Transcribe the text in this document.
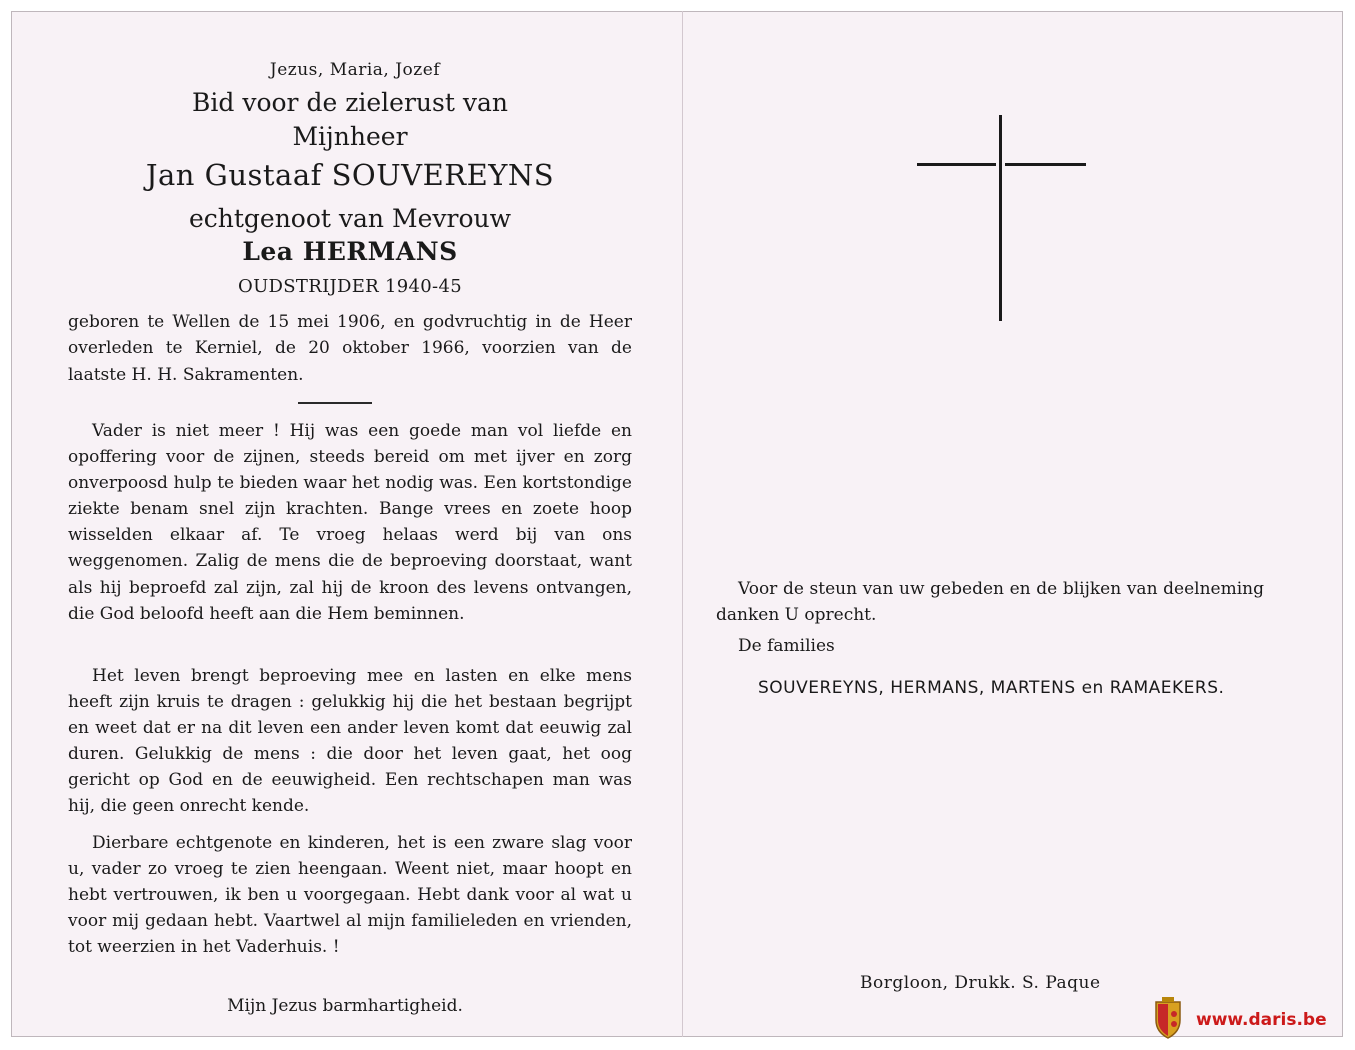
Jezus, Maria, Jozef
Bid voor de zielerust van
Mijnheer
Jan Gustaaf SOUVEREYNS
echtgenoot van Mevrouw
Lea HERMANS
OUDSTRIJDER 1940-45
geboren te Wellen de 15 mei 1906, en godvruchtig in de Heer overleden te Kerniel, de 20 oktober 1966, voorzien van de laatste H. H. Sakramenten.
Vader is niet meer ! Hij was een goede man vol liefde en opoffering voor de zijnen, steeds bereid om met ijver en zorg onverpoosd hulp te bieden waar het nodig was. Een kortstondige ziekte benam snel zijn krachten. Bange vrees en zoete hoop wisselden elkaar af. Te vroeg helaas werd bij van ons weggenomen. Zalig de mens die de beproeving doorstaat, want als hij beproefd zal zijn, zal hij de kroon des levens ontvangen, die God beloofd heeft aan die Hem beminnen.
Het leven brengt beproeving mee en lasten en elke mens heeft zijn kruis te dragen : gelukkig hij die het bestaan begrijpt en weet dat er na dit leven een ander leven komt dat eeuwig zal duren. Gelukkig de mens : die door het leven gaat, het oog gericht op God en de eeuwigheid. Een rechtschapen man was hij, die geen onrecht kende.
Dierbare echtgenote en kinderen, het is een zware slag voor u, vader zo vroeg te zien heengaan. Weent niet, maar hoopt en hebt vertrouwen, ik ben u voorgegaan. Hebt dank voor al wat u voor mij gedaan hebt. Vaartwel al mijn familieleden en vrienden, tot weerzien in het Vaderhuis. !
Mijn Jezus barmhartigheid.
Voor de steun van uw gebeden en de blijken van deelneming danken U oprecht.
De families
SOUVEREYNS, HERMANS, MARTENS en RAMAEKERS.
Borgloon, Drukk. S. Paque
www.daris.be
